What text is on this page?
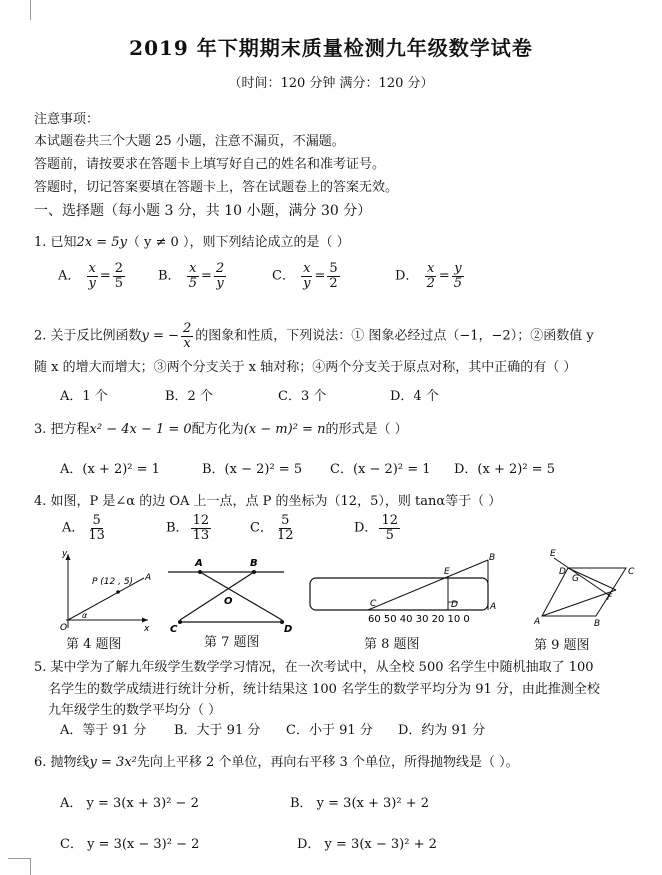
2019 年下期期末质量检测九年级数学试卷
（时间：120 分钟 满分：120 分）
注意事项：
本试题卷共三个大题 25 小题，注意不漏页，不漏题。
答题前，请按要求在答题卡上填写好自己的姓名和准考证号。
答题时，切记答案要填在答题卡上，答在试题卷上的答案无效。
一、选择题（每小题 3 分，共 10 小题，满分 30 分）
1. 已知2x = 5y（ y ≠ 0 ），则下列结论成立的是（ ）
A． $\frac{x}{y} = \frac{2}{5}$	B． $\frac{x}{5} = \frac{2}{y}$	C． $\frac{x}{y} = \frac{5}{2}$	D． $\frac{x}{2} = \frac{y}{5}$
2. 关于反比例函数y = − $\frac{2}{x}$ 的图象和性质，下列说法：① 图象必经过点（−1，−2）；②函数值 y
随 x 的增大而增大；③两个分支关于 x 轴对称；④两个分支关于原点对称，其中正确的有（ ）
A．1 个	B．2 个	C．3 个	D．4 个
3. 把方程x² − 4x − 1 = 0配方化为(x − m)² = n的形式是（ ）
A．(x + 2)² = 1	B．(x − 2)² = 5 C．(x − 2)² = 1 D．(x + 2)² = 5
4. 如图，P 是∠α 的边 OA 上一点，点 P 的坐标为（12，5），则 tanα等于（ ）
A． $\frac{5}{13}$	B． $\frac{12}{13}$	C． $\frac{5}{12}$	D． $\frac{12}{5}$
y
x
O
P (12 , 5) A
α
A	B
C	D
O
B
E
C	D	A
60 50 40 30 20 10 0
E
D
G
C
F
A	B
第 4 题图	第 7 题图	第 8 题图	第 9 题图
5. 某中学为了解九年级学生数学学习情况，在一次考试中，从全校 500 名学生中随机抽取了 100
名学生的数学成绩进行统计分析，统计结果这 100 名学生的数学平均分为 91 分，由此推测全校
九年级学生的数学平均分（ ）
A．等于 91 分 B．大于 91 分 C．小于 91 分 D．约为 91 分
6. 抛物线y = 3x²先向上平移 2 个单位，再向右平移 3 个单位，所得抛物线是（ ）。
A． y = 3(x + 3)² − 2	B． y = 3(x + 3)² + 2
C． y = 3(x − 3)² − 2	D． y = 3(x − 3)² + 2
